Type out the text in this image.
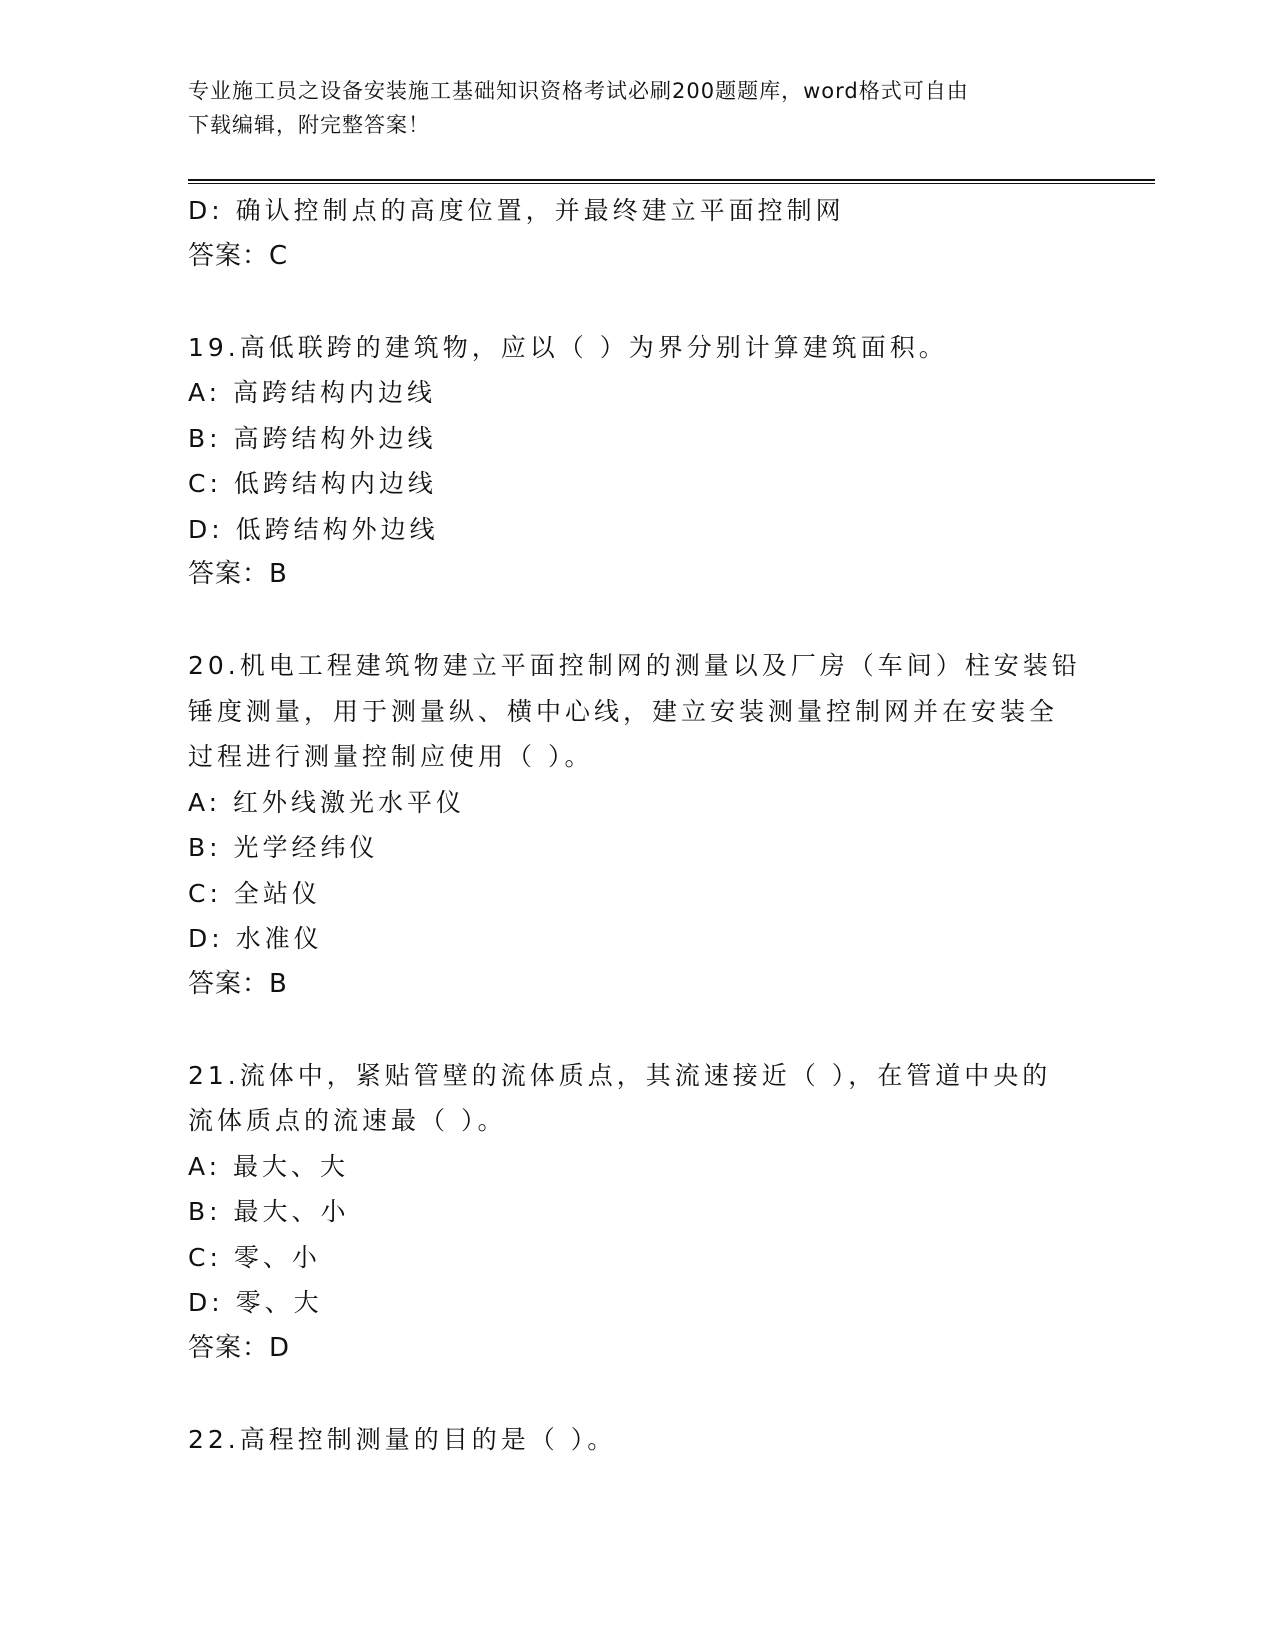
专业施工员之设备安装施工基础知识资格考试必刷200题题库，word格式可自由
下载编辑，附完整答案！
D: 确认控制点的高度位置，并最终建立平面控制网
答案：C
19.高低联跨的建筑物，应以（ ）为界分别计算建筑面积。
A: 高跨结构内边线
B: 高跨结构外边线
C: 低跨结构内边线
D: 低跨结构外边线
答案：B
20.机电工程建筑物建立平面控制网的测量以及厂房（车间）柱安装铅
锤度测量，用于测量纵、横中心线，建立安装测量控制网并在安装全
过程进行测量控制应使用（ ）。
A: 红外线激光水平仪
B: 光学经纬仪
C: 全站仪
D: 水准仪
答案：B
21.流体中，紧贴管壁的流体质点，其流速接近（ ），在管道中央的
流体质点的流速最（ ）。
A: 最大、大
B: 最大、小
C: 零、小
D: 零、大
答案：D
22.高程控制测量的目的是（ ）。
